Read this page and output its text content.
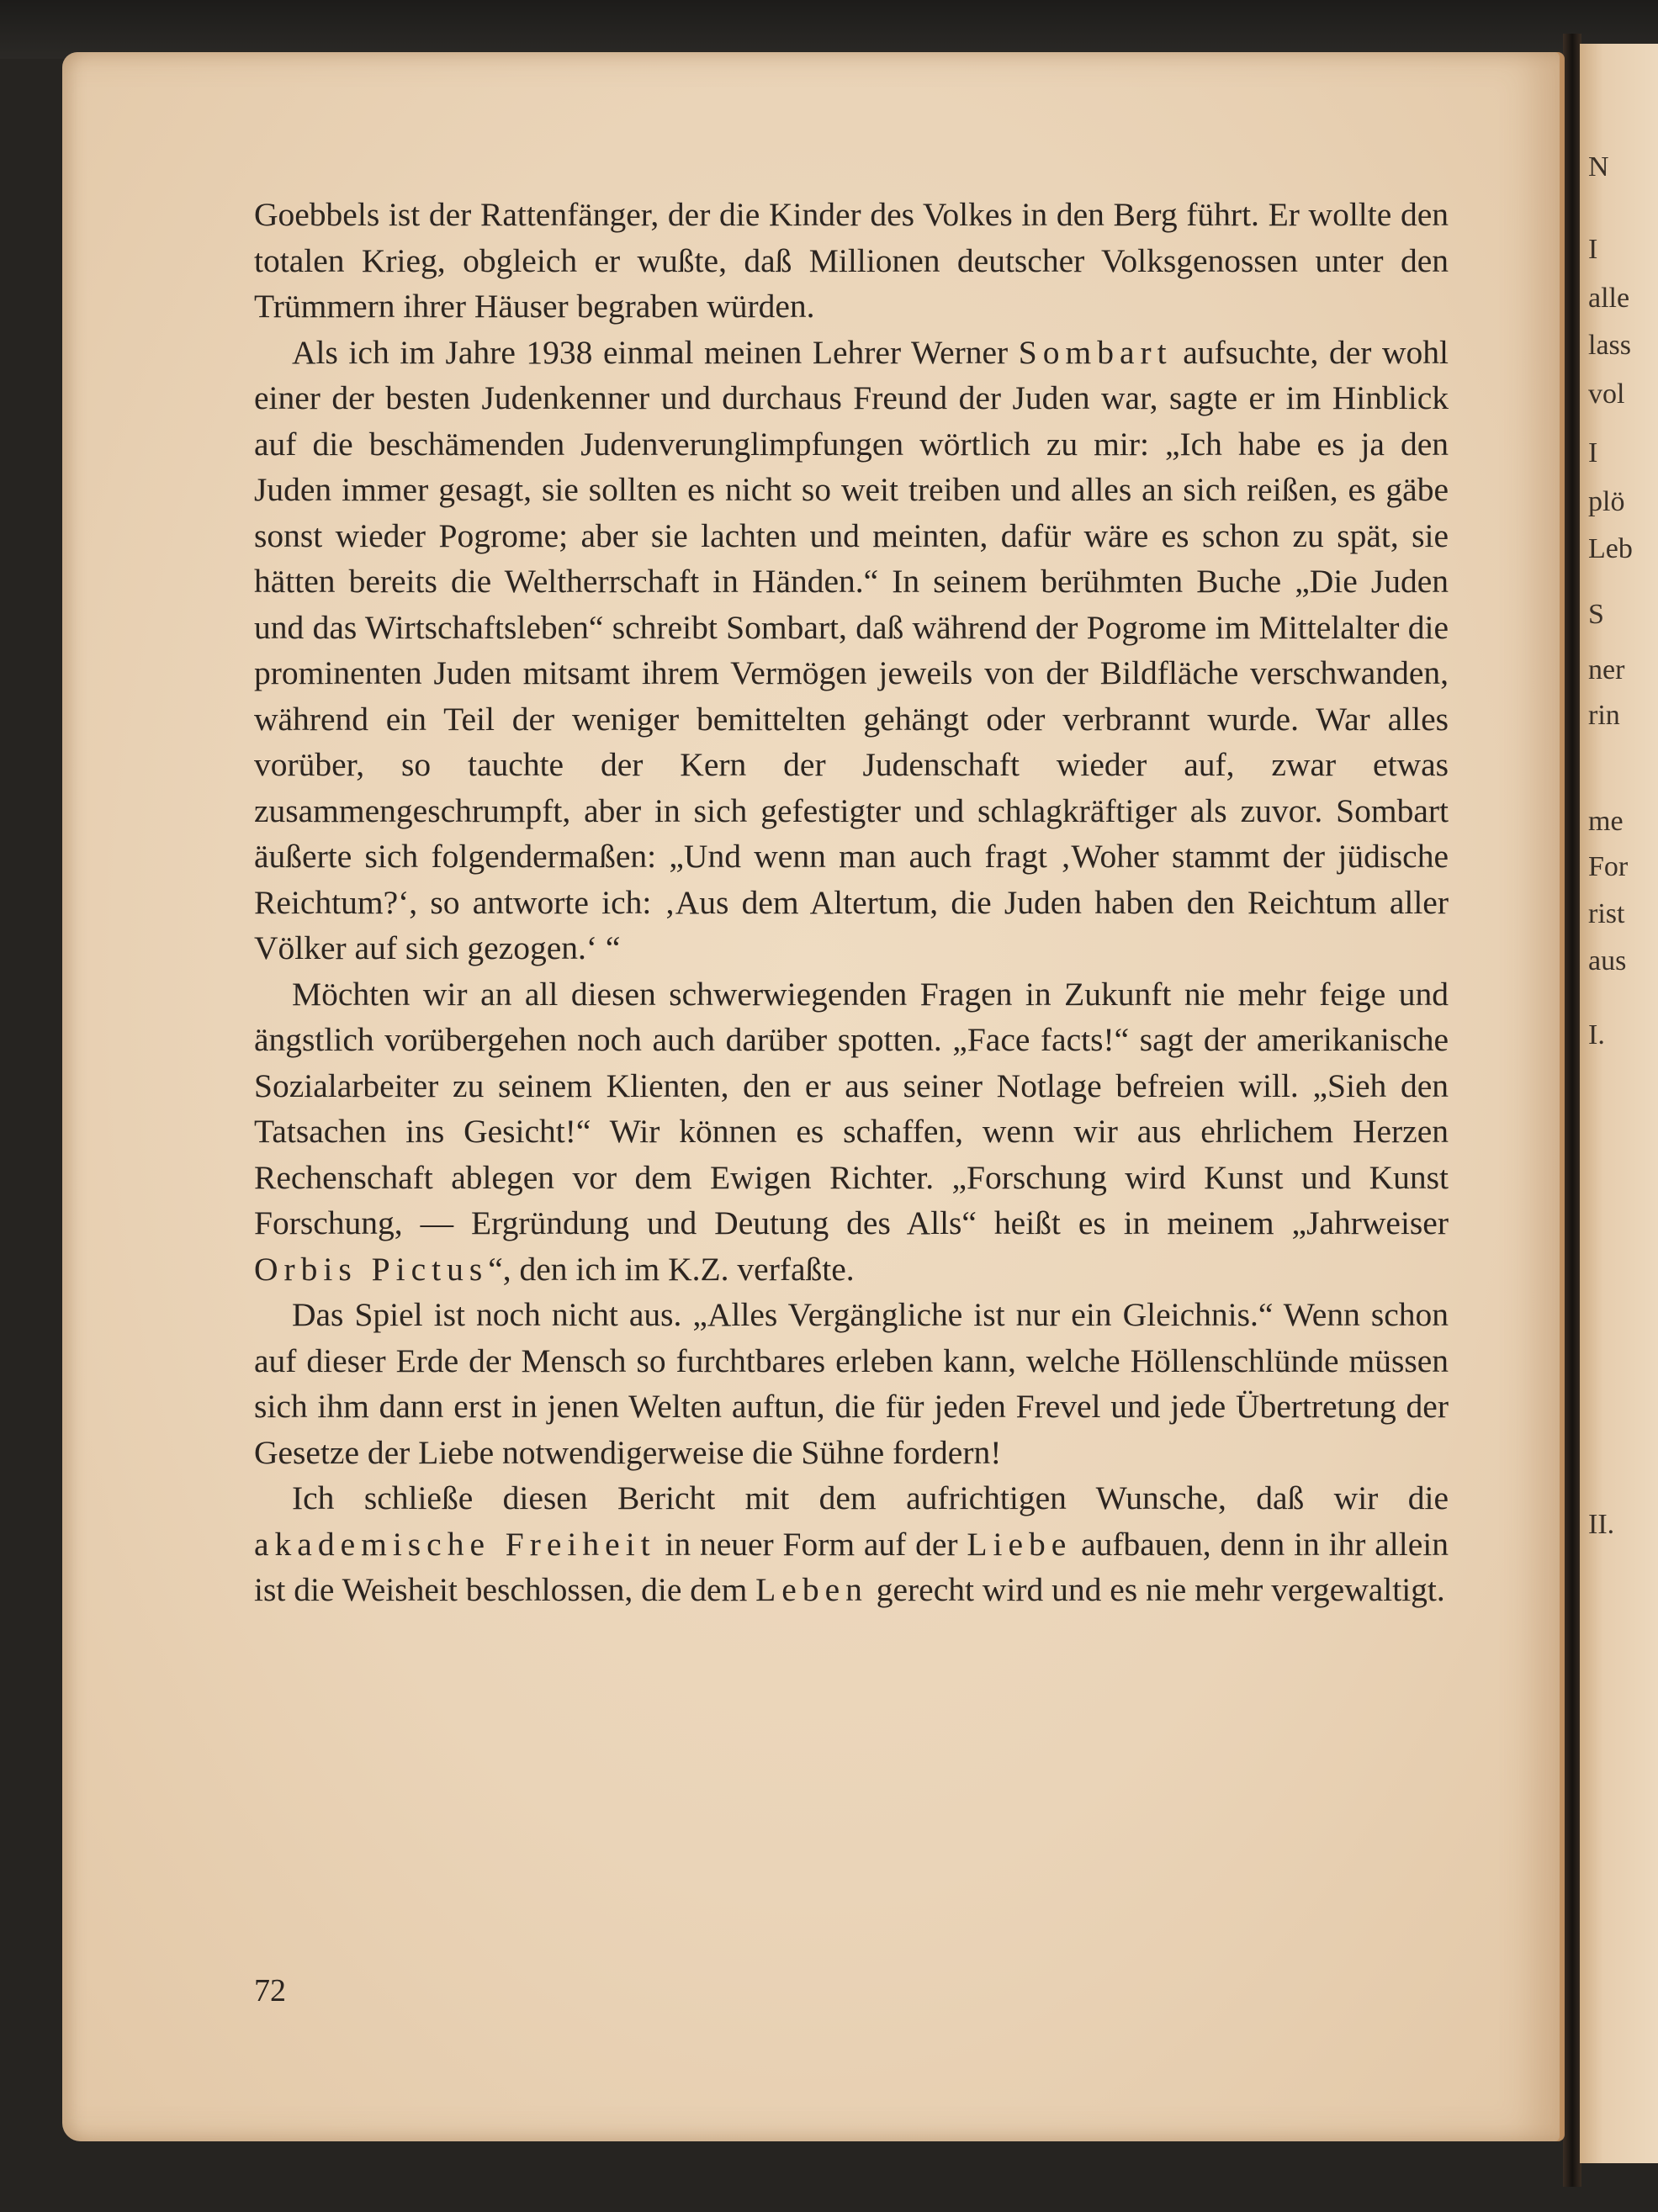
N
I
alle
lass
vol
I
plö
Leb
S
ner
rin
me
For
rist
aus
I.
II.

Goebbels ist der Rattenfänger, der die Kinder des Volkes in den Berg führt. Er wollte den totalen Krieg, obgleich er wußte, daß Millionen deutscher Volksgenossen unter den Trümmern ihrer Häuser begraben würden.

Als ich im Jahre 1938 einmal meinen Lehrer Werner Sombart aufsuchte, der wohl einer der besten Judenkenner und durchaus Freund der Juden war, sagte er im Hinblick auf die beschämenden Judenverunglimpfungen wörtlich zu mir: „Ich habe es ja den Juden immer gesagt, sie sollten es nicht so weit treiben und alles an sich reißen, es gäbe sonst wieder Pogrome; aber sie lachten und meinten, dafür wäre es schon zu spät, sie hätten bereits die Weltherrschaft in Händen.“ In seinem berühmten Buche „Die Juden und das Wirtschaftsleben“ schreibt Sombart, daß während der Pogrome im Mittelalter die prominenten Juden mitsamt ihrem Vermögen jeweils von der Bildfläche verschwanden, während ein Teil der weniger bemittelten gehängt oder verbrannt wurde. War alles vorüber, so tauchte der Kern der Judenschaft wieder auf, zwar etwas zusammengeschrumpft, aber in sich gefestigter und schlagkräftiger als zuvor. Sombart äußerte sich folgendermaßen: „Und wenn man auch fragt ‚Woher stammt der jüdische Reichtum?‘, so antworte ich: ‚Aus dem Altertum, die Juden haben den Reichtum aller Völker auf sich gezogen.‘ “

Möchten wir an all diesen schwerwiegenden Fragen in Zukunft nie mehr feige und ängstlich vorübergehen noch auch darüber spotten. „Face facts!“ sagt der amerikanische Sozialarbeiter zu seinem Klienten, den er aus seiner Notlage befreien will. „Sieh den Tatsachen ins Gesicht!“ Wir können es schaffen, wenn wir aus ehrlichem Herzen Rechenschaft ablegen vor dem Ewigen Richter. „Forschung wird Kunst und Kunst Forschung, — Ergründung und Deutung des Alls“ heißt es in meinem „Jahrweiser Orbis Pictus“, den ich im K.Z. verfaßte.

Das Spiel ist noch nicht aus. „Alles Vergängliche ist nur ein Gleichnis.“ Wenn schon auf dieser Erde der Mensch so furchtbares erleben kann, welche Höllenschlünde müssen sich ihm dann erst in jenen Welten auftun, die für jeden Frevel und jede Übertretung der Gesetze der Liebe notwendigerweise die Sühne fordern!

Ich schließe diesen Bericht mit dem aufrichtigen Wunsche, daß wir die akademische Freiheit in neuer Form auf der Liebe aufbauen, denn in ihr allein ist die Weisheit beschlossen, die dem Leben gerecht wird und es nie mehr vergewaltigt.

72
